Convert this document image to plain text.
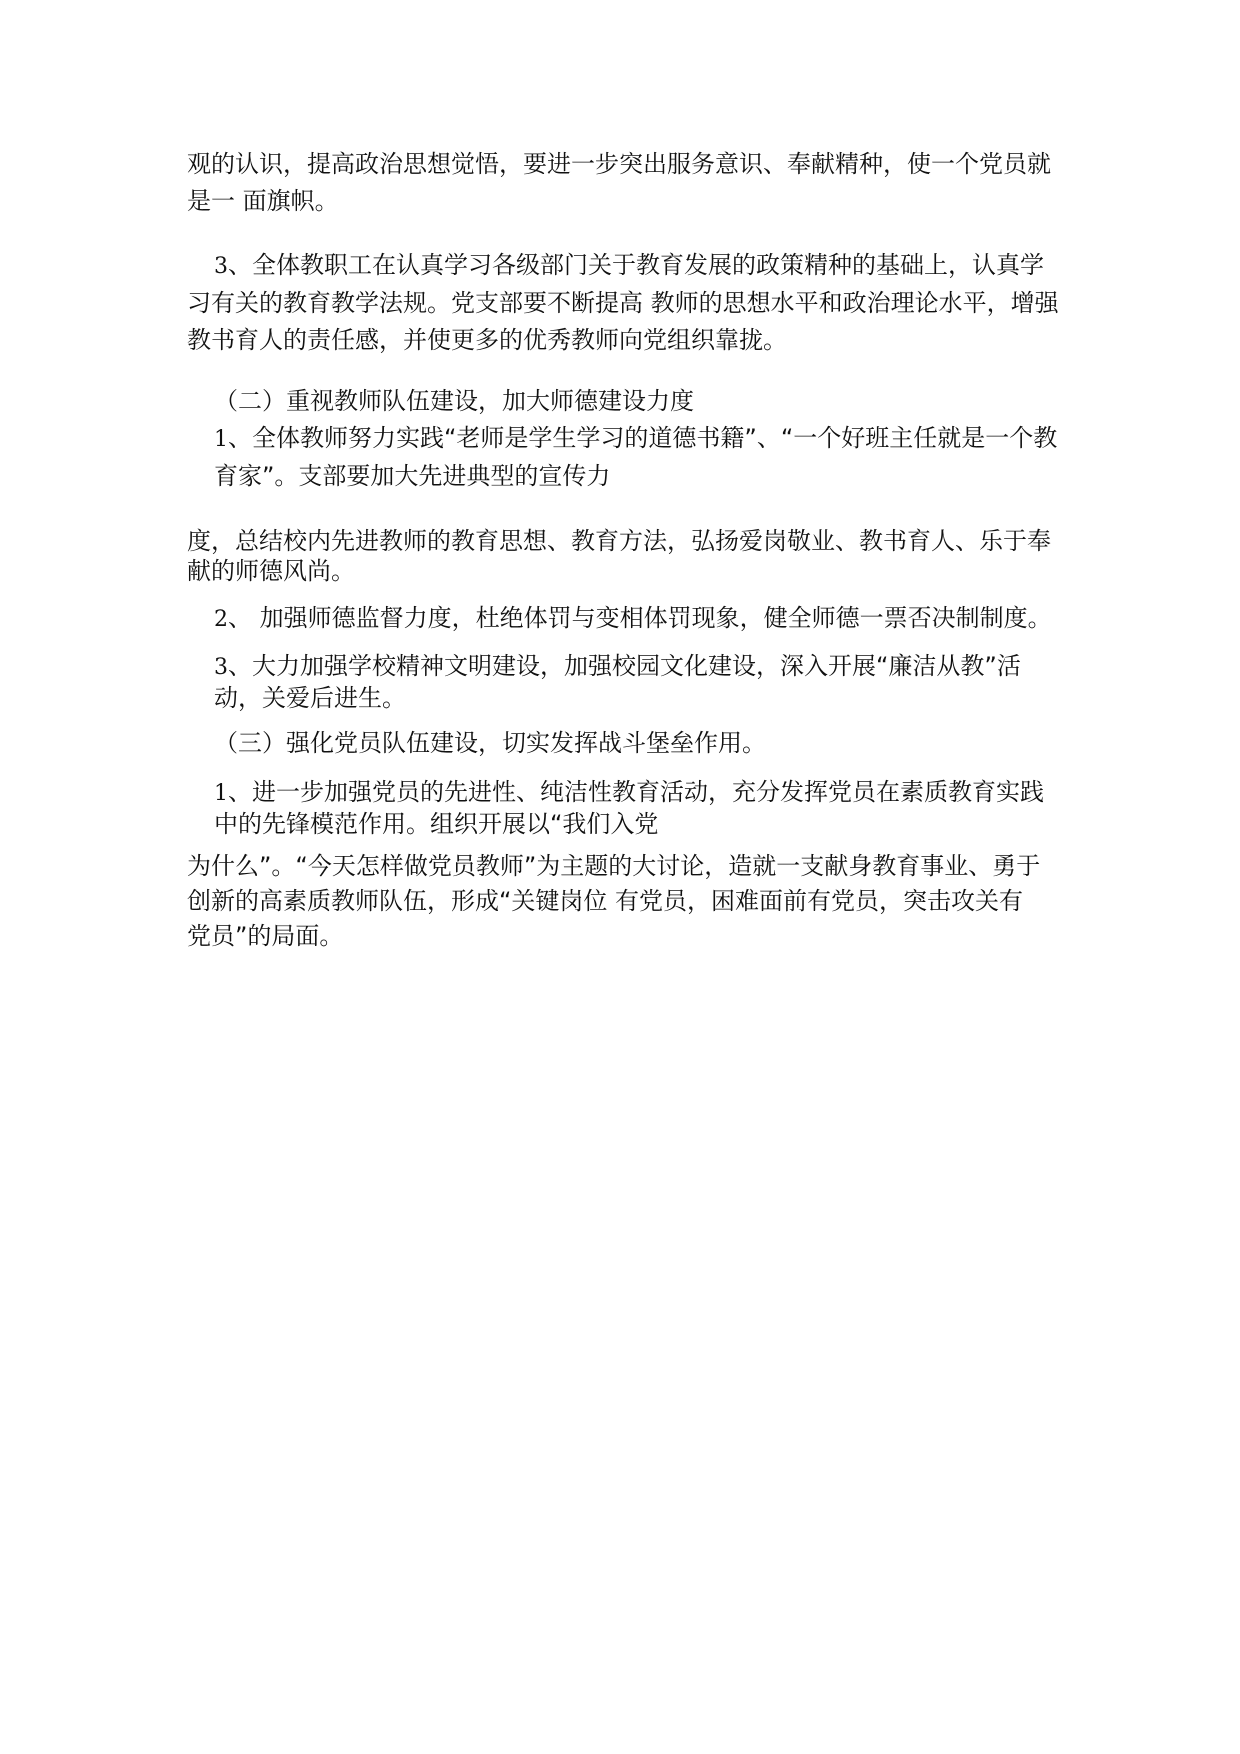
观的认识，提高政治思想觉悟，要进一步突出服务意识、奉献精种，使一个党员就是一 面旗帜。

3、全体教职工在认真学习各级部门关于教育发展的政策精种的基础上，认真学习有关的教育教学法规。党支部要不断提高 教师的思想水平和政治理论水平，增强教书育人的责任感，并使更多的优秀教师向党组织靠拢。

（二）重视教师队伍建设，加大师德建设力度

1、全体教师努力实践“老师是学生学习的道德书籍”、“一个好班主任就是一个教育家”。支部要加大先进典型的宣传力

度，总结校内先进教师的教育思想、教育方法，弘扬爱岗敬业、教书育人、乐于奉献的师德风尚。

2、 加强师德监督力度，杜绝体罚与变相体罚现象，健全师德一票否决制制度。

3、大力加强学校精神文明建设，加强校园文化建设，深入开展“廉洁从教”活动，关爱后进生。

（三）强化党员队伍建设，切实发挥战斗堡垒作用。

1、进一步加强党员的先进性、纯洁性教育活动，充分发挥党员在素质教育实践中的先锋模范作用。组织开展以“我们入党

为什么”。“今天怎样做党员教师”为主题的大讨论，造就一支献身教育事业、勇于创新的高素质教师队伍，形成“关键岗位 有党员，困难面前有党员，突击攻关有党员”的局面。
